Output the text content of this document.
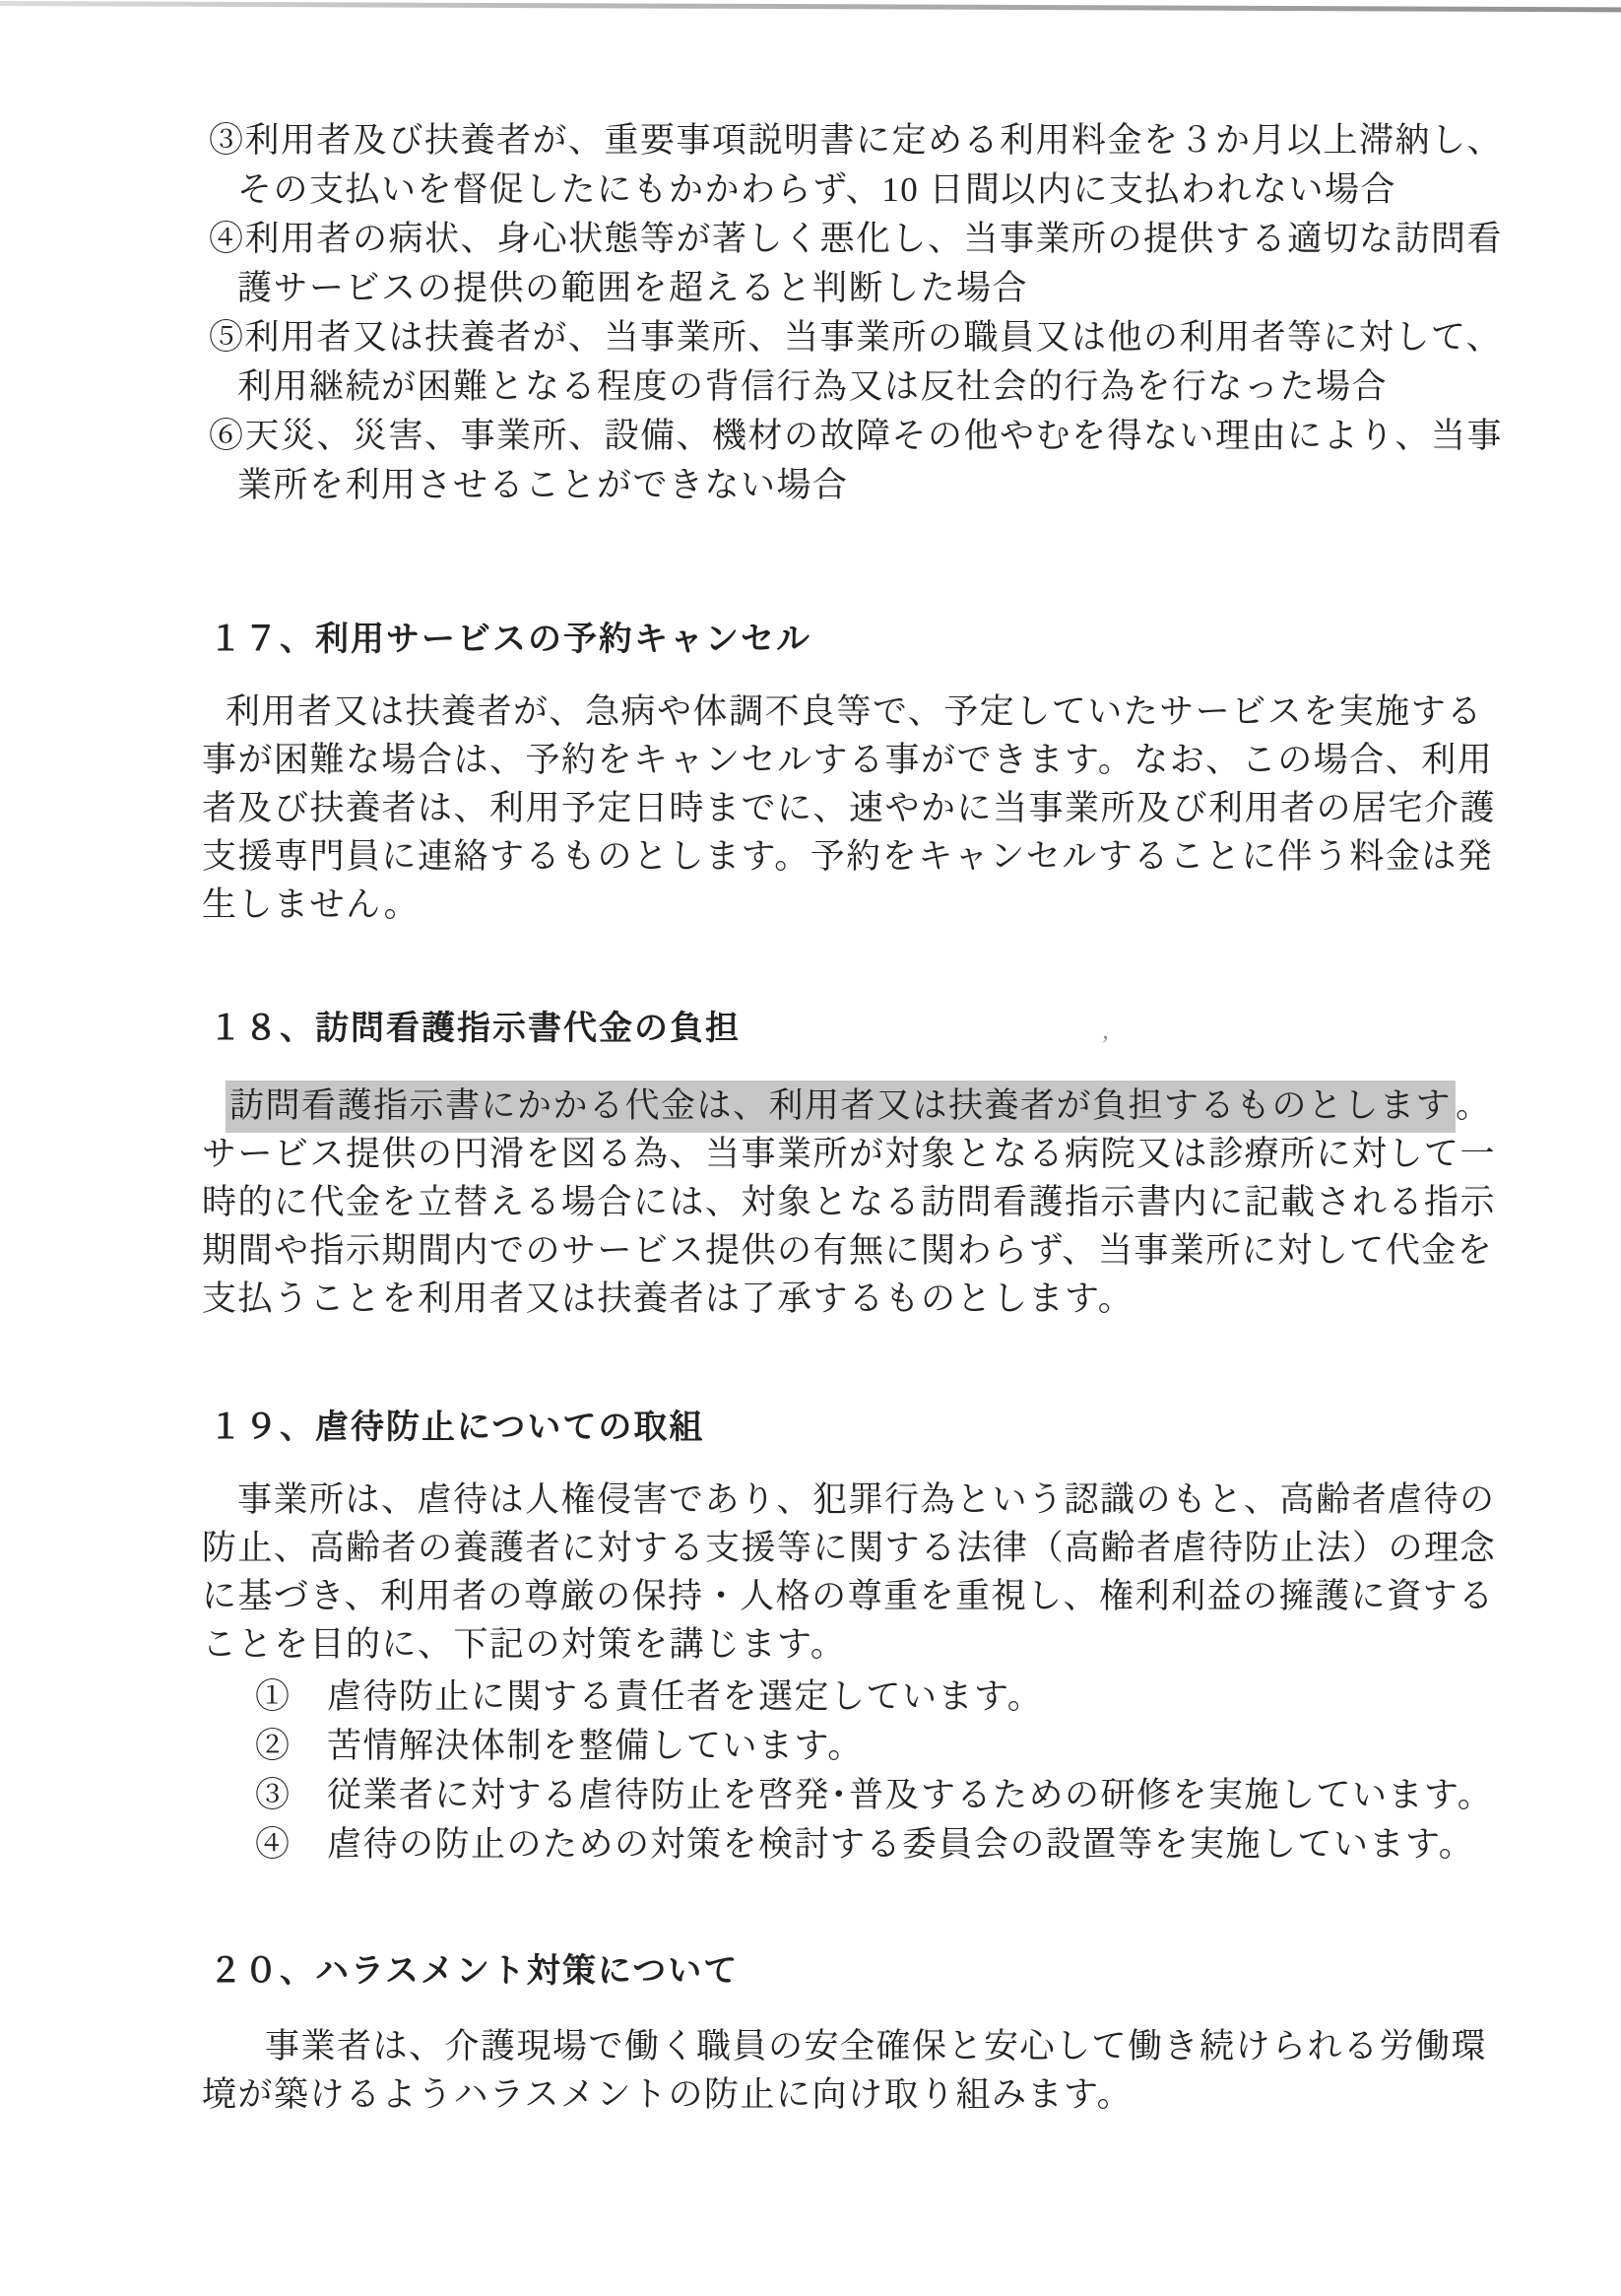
’
③利用者及び扶養者が、重要事項説明書に定める利用料金を３か月以上滞納し、
その支払いを督促したにもかかわらず、10 日間以内に支払われない場合
④利用者の病状、身心状態等が著しく悪化し、当事業所の提供する適切な訪問看
護サービスの提供の範囲を超えると判断した場合
⑤利用者又は扶養者が、当事業所、当事業所の職員又は他の利用者等に対して、
利用継続が困難となる程度の背信行為又は反社会的行為を行なった場合
⑥天災、災害、事業所、設備、機材の故障その他やむを得ない理由により、当事
業所を利用させることができない場合
１７、利用サービスの予約キャンセル
利用者又は扶養者が、急病や体調不良等で、予定していたサービスを実施する
事が困難な場合は、予約をキャンセルする事ができます。なお、この場合、利用
者及び扶養者は、利用予定日時までに、速やかに当事業所及び利用者の居宅介護
支援専門員に連絡するものとします。予約をキャンセルすることに伴う料金は発
生しません。
１８、訪問看護指示書代金の負担
訪問看護指示書にかかる代金は、利用者又は扶養者が負担するものとします 。
サービス提供の円滑を図る為、当事業所が対象となる病院又は診療所に対して一
時的に代金を立替える場合には、対象となる訪問看護指示書内に記載される指示
期間や指示期間内でのサービス提供の有無に関わらず、当事業所に対して代金を
支払うことを利用者又は扶養者は了承するものとします。
１９、虐待防止についての取組
事業所は、虐待は人権侵害であり、犯罪行為という認識のもと、高齢者虐待の
防止、高齢者の養護者に対する支援等に関する法律（高齢者虐待防止法）の理念
に基づき、利用者の尊厳の保持・人格の尊重を重視し、権利利益の擁護に資する
ことを目的に、下記の対策を講じます。
①　虐待防止に関する責任者を選定しています。
②　苦情解決体制を整備しています。
③　従業者に対する虐待防止を啓発･普及するための研修を実施しています。
④　虐待の防止のための対策を検討する委員会の設置等を実施しています。
２０、ハラスメント対策について
事業者は、介護現場で働く職員の安全確保と安心して働き続けられる労働環
境が築けるようハラスメントの防止に向け取り組みます。
